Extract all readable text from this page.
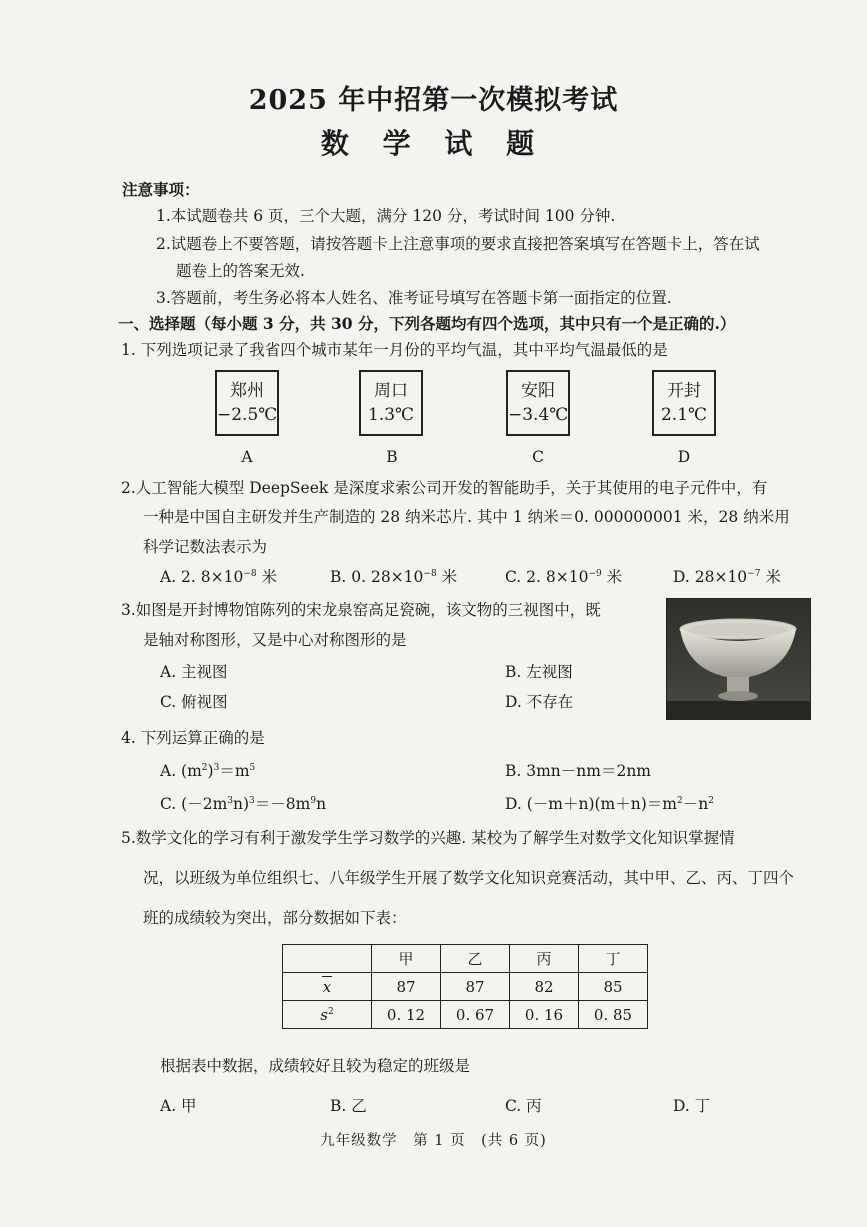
2025 年中招第一次模拟考试
数 学 试 题
注意事项：
1.本试题卷共 6 页，三个大题，满分 120 分，考试时间 100 分钟.
2.试题卷上不要答题，请按答题卡上注意事项的要求直接把答案填写在答题卡上，答在试
题卷上的答案无效.
3.答题前，考生务必将本人姓名、准考证号填写在答题卡第一面指定的位置.
一、选择题（每小题 3 分，共 30 分，下列各题均有四个选项，其中只有一个是正确的.）
1. 下列选项记录了我省四个城市某年一月份的平均气温，其中平均气温最低的是
郑州
−2.5℃
周口
1.3℃
安阳
−3.4℃
开封
2.1℃
A	B	C	D
2.人工智能大模型 DeepSeek 是深度求索公司开发的智能助手，关于其使用的电子元件中，有
一种是中国自主研发并生产制造的 28 纳米芯片. 其中 1 纳米＝0. 000000001 米，28 纳米用
科学记数法表示为
A. 2. $8\times 10^{-8}$ 米	B. 0. $28\times 10^{-8}$ 米	C. 2. $8\times 10^{-9}$ 米	D. $28\times 10^{-7}$ 米
3.如图是开封博物馆陈列的宋龙泉窑高足瓷碗，该文物的三视图中，既
是轴对称图形，又是中心对称图形的是
A. 主视图	B. 左视图
C. 俯视图	D. 不存在
4. 下列运算正确的是
A. $(m^2)^3=m^5$	B. 3mn－nm＝2nm
C. $(-2m^3n)^3=-8m^9n$	D. $(-m+n)(m+n)=m^2-n^2$
5.数学文化的学习有利于激发学生学习数学的兴趣. 某校为了解学生对数学文化知识掌握情
况，以班级为单位组织七、八年级学生开展了数学文化知识竞赛活动，其中甲、乙、丙、丁四个
班的成绩较为突出，部分数据如下表：
	甲	乙	丙	丁
x	87	87	82	85
$s^2$	0. 12	0. 67	0. 16	0. 85
根据表中数据，成绩较好且较为稳定的班级是
A. 甲	B. 乙	C. 丙	D. 丁
九年级数学　第 1 页　(共 6 页)
